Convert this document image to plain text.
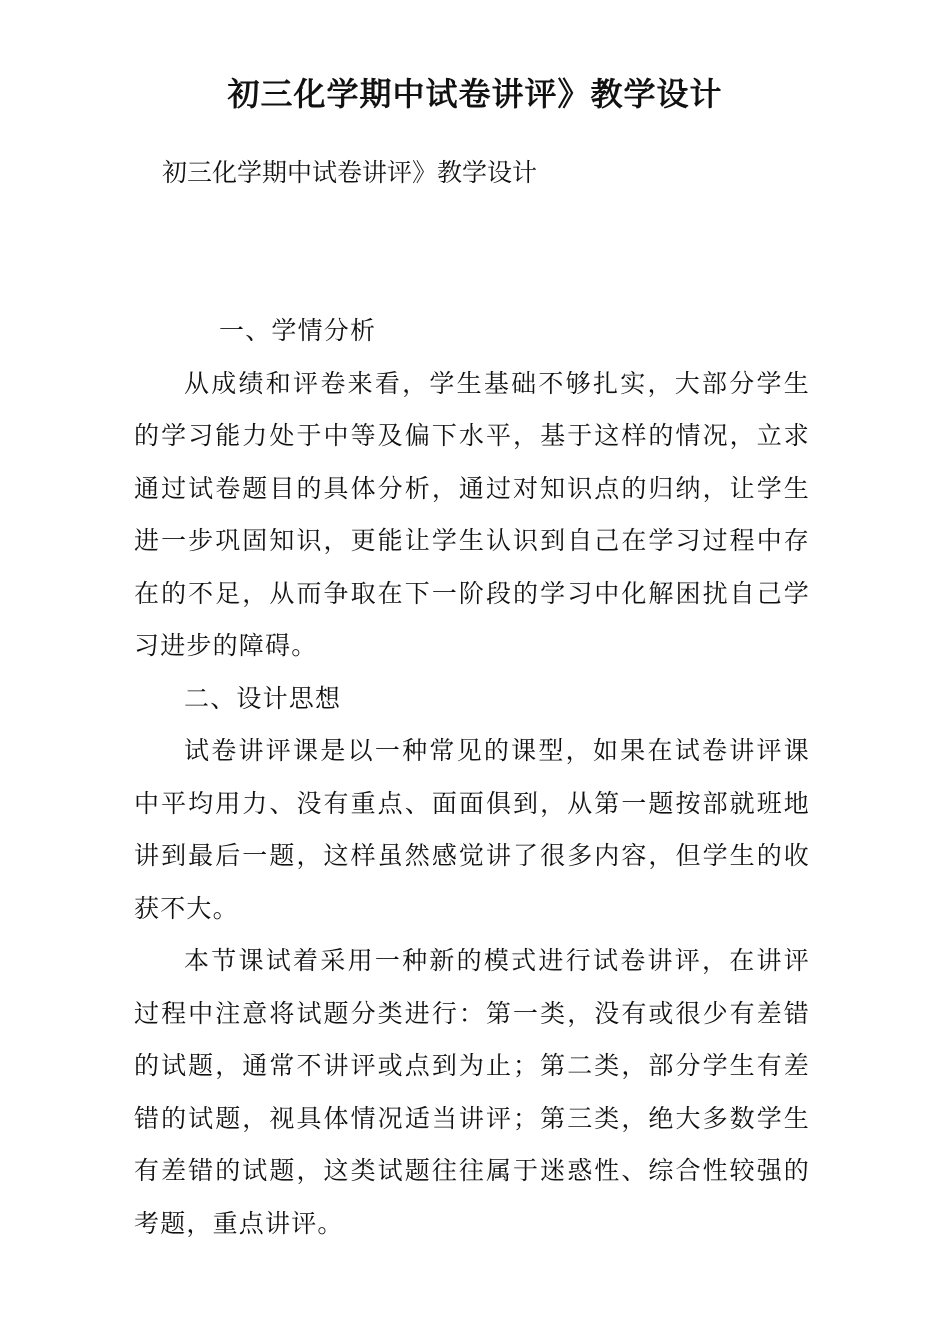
初三化学期中试卷讲评》教学设计

初三化学期中试卷讲评》教学设计

一、学情分析

从成绩和评卷来看，学生基础不够扎实，大部分学生的学习能力处于中等及偏下水平，基于这样的情况，立求通过试卷题目的具体分析，通过对知识点的归纳，让学生进一步巩固知识，更能让学生认识到自己在学习过程中存在的不足，从而争取在下一阶段的学习中化解困扰自己学习进步的障碍。

二、设计思想

试卷讲评课是以一种常见的课型，如果在试卷讲评课中平均用力、没有重点、面面俱到，从第一题按部就班地讲到最后一题，这样虽然感觉讲了很多内容，但学生的收获不大。

本节课试着采用一种新的模式进行试卷讲评，在讲评过程中注意将试题分类进行：第一类，没有或很少有差错的试题，通常不讲评或点到为止；第二类，部分学生有差错的试题，视具体情况适当讲评；第三类，绝大多数学生有差错的试题，这类试题往往属于迷惑性、综合性较强的考题，重点讲评。
